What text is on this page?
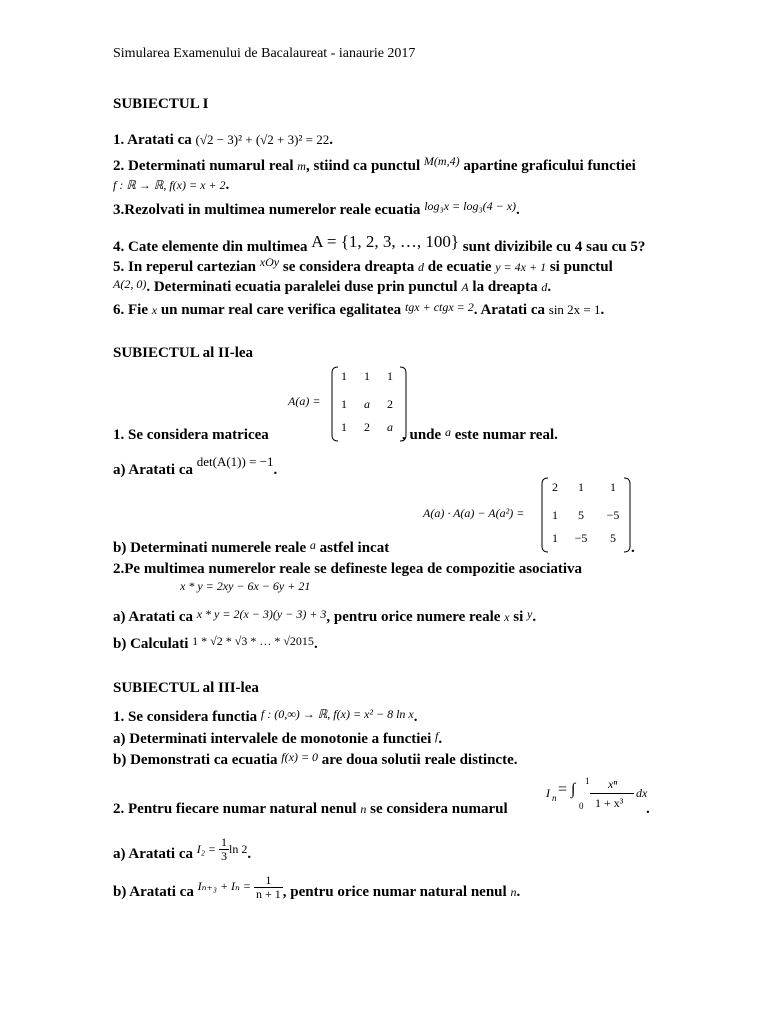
Simularea Examenului de Bacalaureat - ianaurie 2017
SUBIECTUL I
1. Aratati ca (√2 − 3)² + (√2 + 3)² = 22.
2. Determinati numarul real m, stiind ca punctul $^{M(m,4)}$ apartine graficului functiei
f : ℝ → ℝ, f(x) = x + 2.
3.Rezolvati in multimea numerelor reale ecuatia $^{log_3x = log_3(4 - x)}$.
4. Cate elemente din multimea A = {1, 2, 3, …, 100} sunt divizibile cu 4 sau cu 5?
5. In reperul cartezian $^{xOy}$ se considera dreapta d de ecuatie y = 4x + 1 si punctul
$^{A(2, 0)}$. Determinati ecuatia paralelei duse prin punctul A la dreapta d.
6. Fie x un numar real care verifica egalitatea $^{tgx + ctgx = 2}$. Aratati ca sin 2x = 1.
SUBIECTUL al II-lea
A(a) =
1 1 1
1 a 2
1 2 a
1. Se considera matricea	, unde $^a$ este numar real.
a) Aratati ca det(A(1)) = −1.
A(a) · A(a) − A(a²) =
2 1 1
1 5 −5
1 −5 5
.
b) Determinati numerele reale $^a$ astfel incat
2.Pe multimea numerelor reale se defineste legea de compozitie asociativa
x * y = 2xy − 6x − 6y + 21
a) Aratati ca $^{x * y = 2(x - 3)(y - 3) + 3}$, pentru orice numere reale x si $^y$.
b) Calculati $^{1 * √2 * √3 * \dots * √2015}$.
SUBIECTUL al III-lea
1. Se considera functia $^{f : (0,\infty) \to ℝ, f(x) = x^2 - 8 ln x}$.
a) Determinati intervalele de monotonie a functiei $^f$.
b) Demonstrati ca ecuatia $^{f(x) = 0}$ are doua solutii reale distincte.
2. Pentru fiecare numar natural nenul n se considera numarul
I n = ∫ 1
0
xⁿ
1 + x³
dx
.
a) Aratati ca $^{I_2 =} \frac{1}{3} ^{ln 2}$.
b) Aratati ca $^{I_{n+3} + I_n =} \frac{1}{n + 1}$ , pentru orice numar natural nenul n.
